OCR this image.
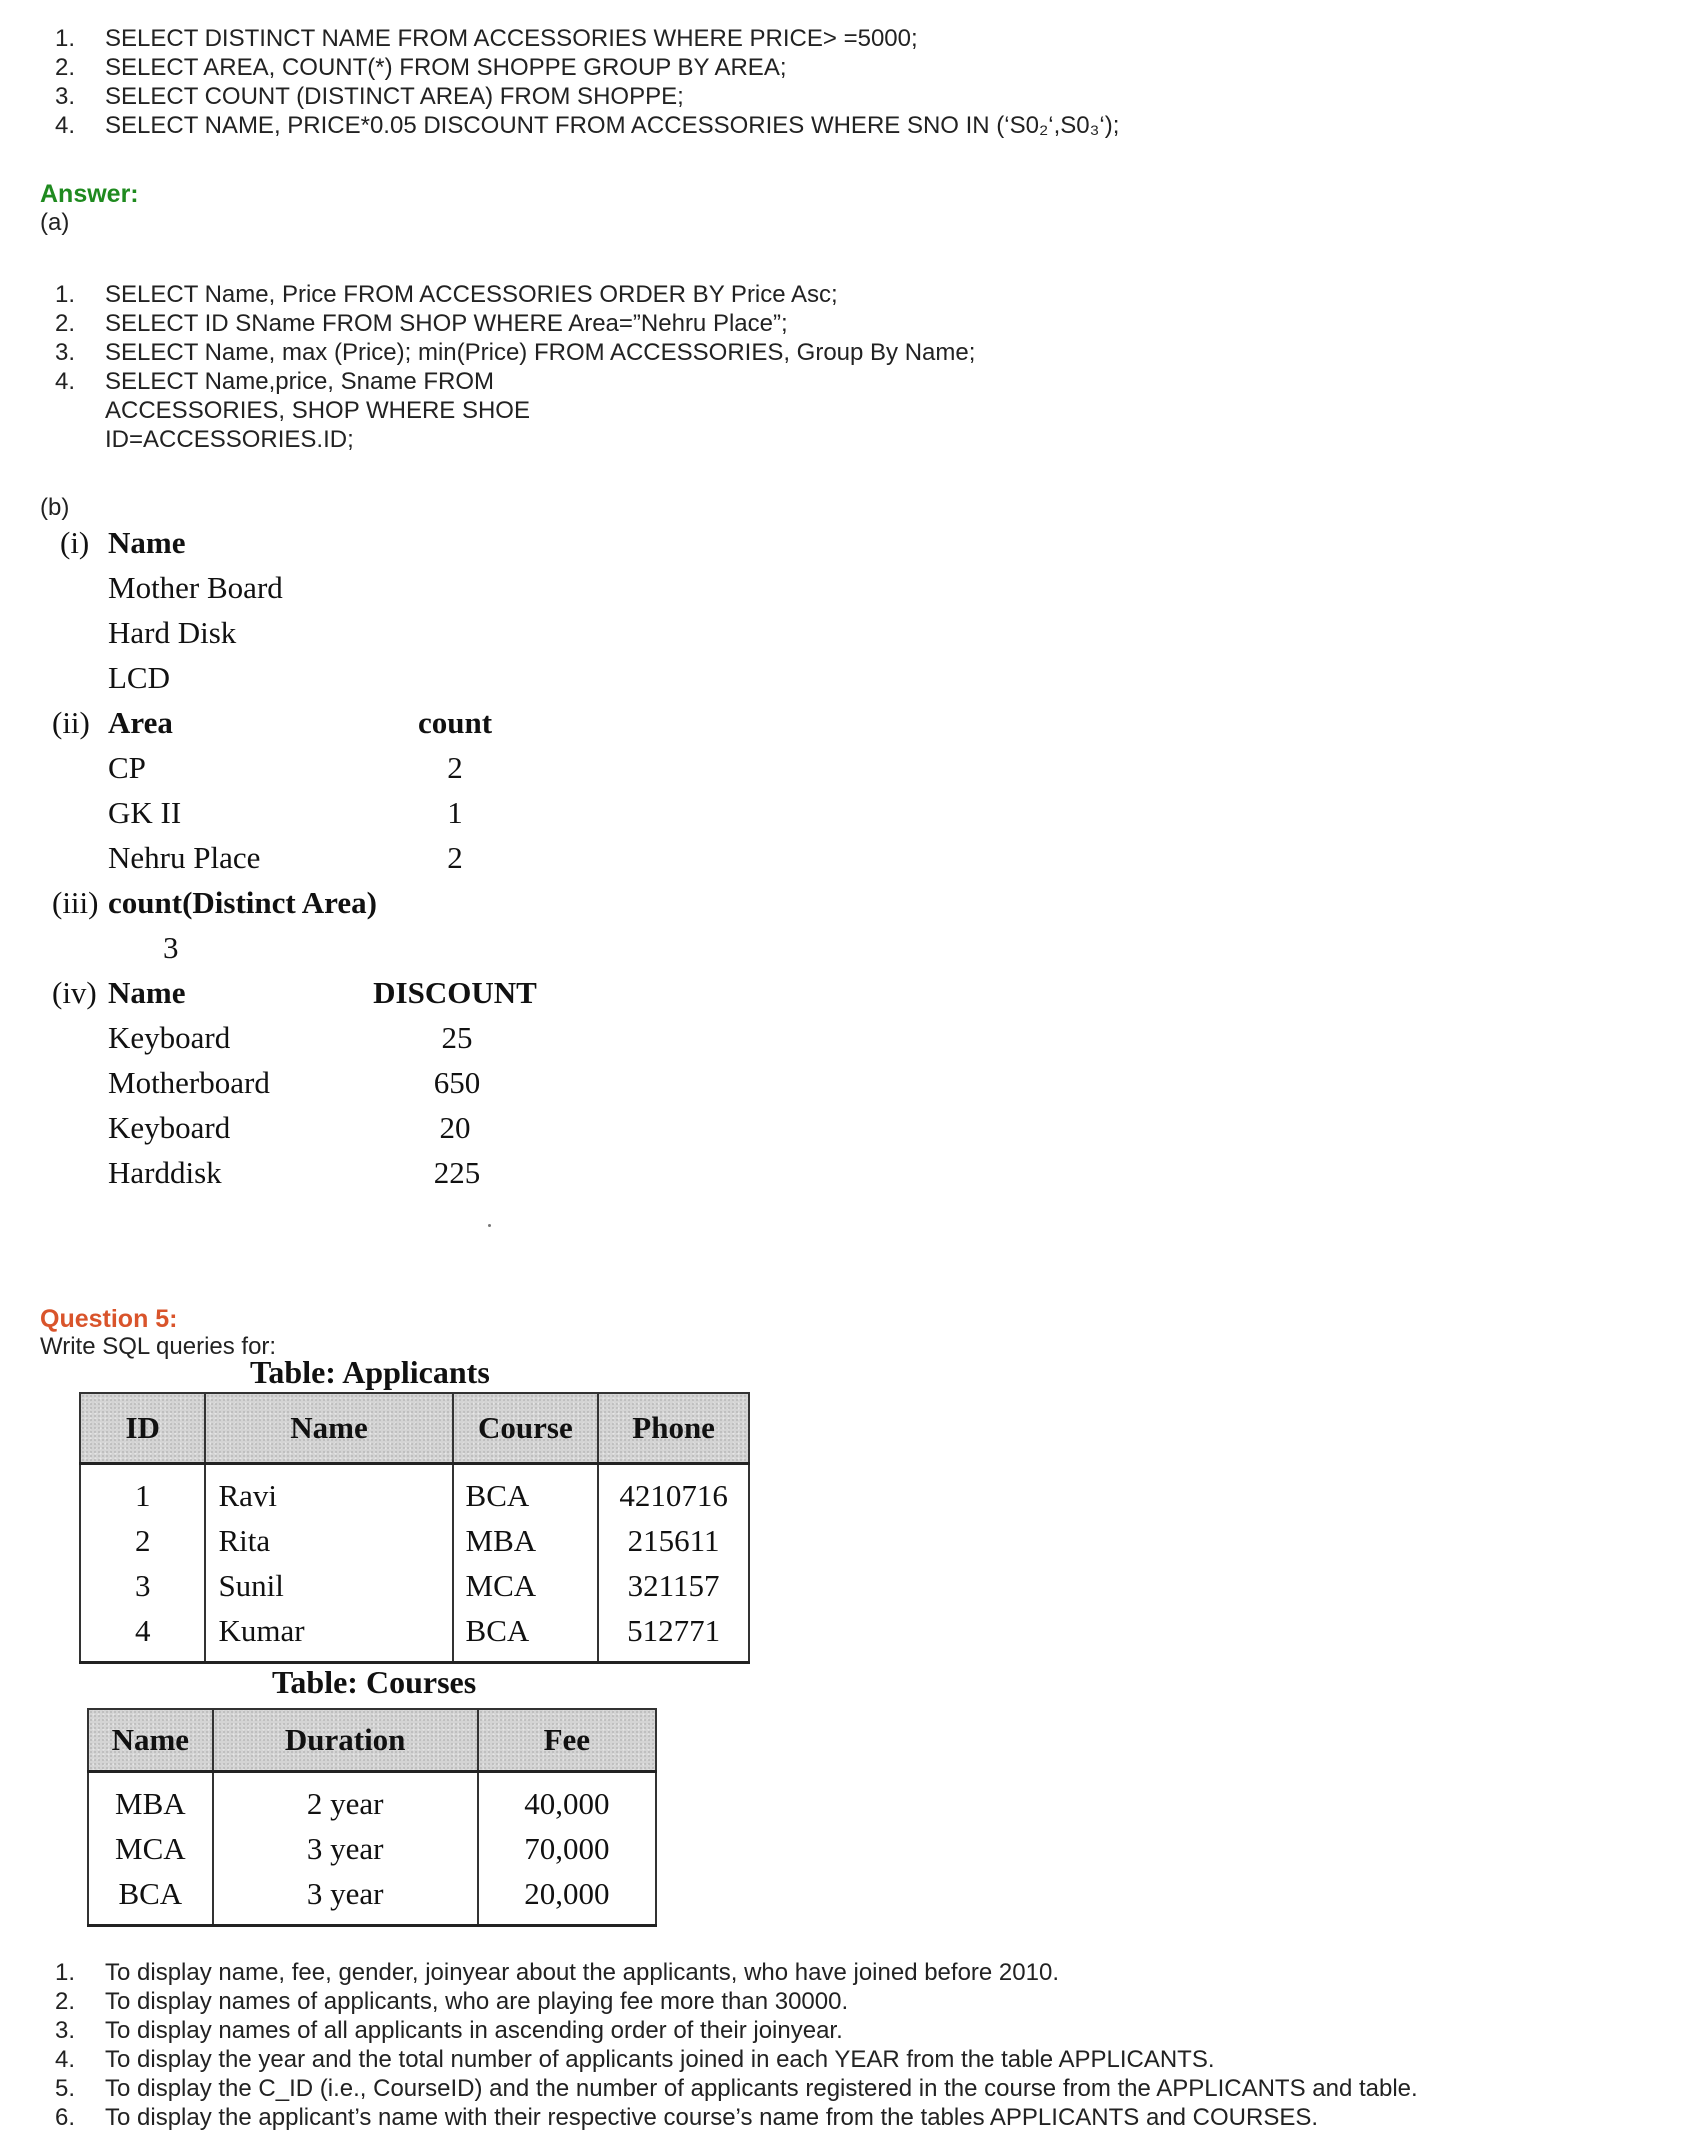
1. SELECT DISTINCT NAME FROM ACCESSORIES WHERE PRICE> =5000;
2. SELECT AREA, COUNT(*) FROM SHOPPE GROUP BY AREA;
3. SELECT COUNT (DISTINCT AREA) FROM SHOPPE;
4. SELECT NAME, PRICE*0.05 DISCOUNT FROM ACCESSORIES WHERE SNO IN (‘S0₂‘,S0₃‘);
Answer:
(a)
1. SELECT Name, Price FROM ACCESSORIES ORDER BY Price Asc;
2. SELECT ID SName FROM SHOP WHERE Area=”Nehru Place”;
3. SELECT Name, max (Price); min(Price) FROM ACCESSORIES, Group By Name;
4. SELECT Name,price, Sname FROM
ACCESSORIES, SHOP WHERE SHOE
ID=ACCESSORIES.ID;
(b)
(i) Name
Mother Board
Hard Disk
LCD
(ii) Area	count
CP	2
GK II	1
Nehru Place	2
(iii) count(Distinct Area)
3
(iv) Name	DISCOUNT
Keyboard	25
Motherboard	650
Keyboard	20
Harddisk	225
Question 5:
Write SQL queries for:
Table: Applicants
ID	Name	Course	Phone
1	Ravi	BCA	4210716
2	Rita	MBA	215611
3	Sunil	MCA	321157
4	Kumar	BCA	512771
Table: Courses
Name	Duration	Fee
MBA	2 year	40,000
MCA	3 year	70,000
BCA	3 year	20,000
1. To display name, fee, gender, joinyear about the applicants, who have joined before 2010.
2. To display names of applicants, who are playing fee more than 30000.
3. To display names of all applicants in ascending order of their joinyear.
4. To display the year and the total number of applicants joined in each YEAR from the table APPLICANTS.
5. To display the C_ID (i.e., CourseID) and the number of applicants registered in the course from the APPLICANTS and table.
6. To display the applicant’s name with their respective course’s name from the tables APPLICANTS and COURSES.
